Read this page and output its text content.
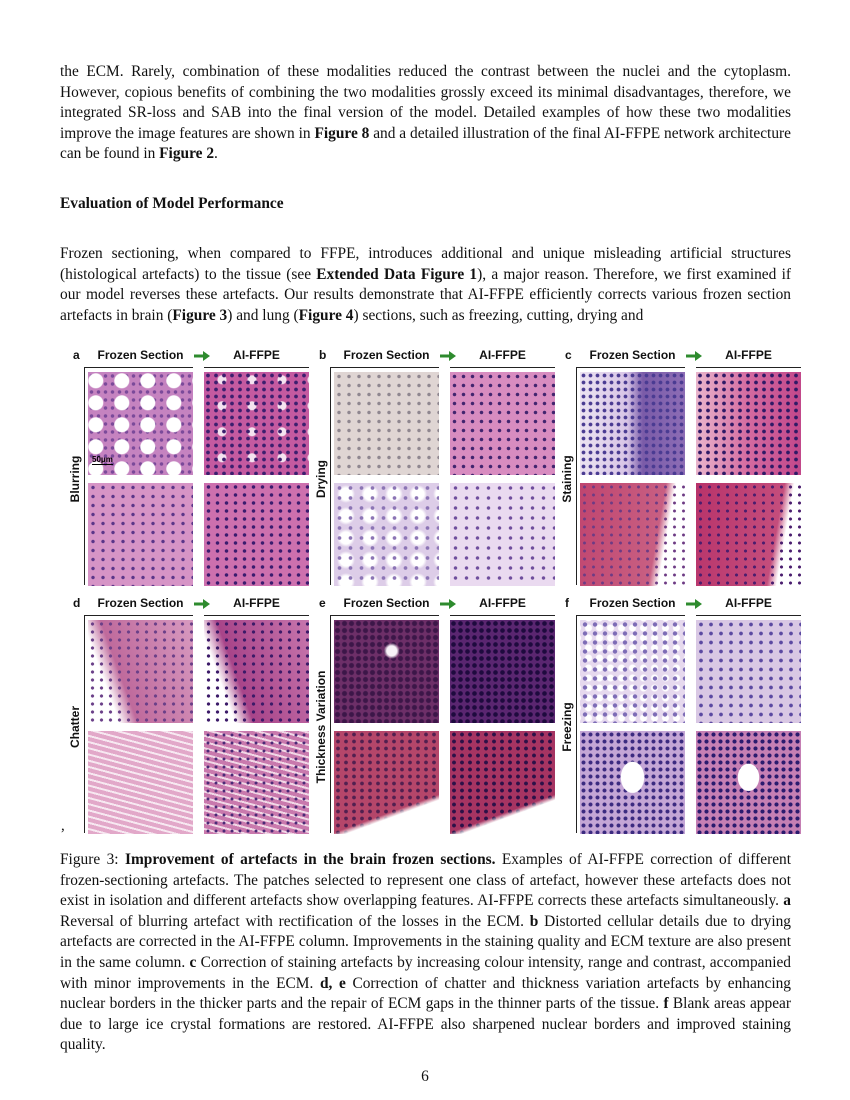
the ECM. Rarely, combination of these modalities reduced the contrast between the nuclei and the cytoplasm. However, copious benefits of combining the two modalities grossly exceed its minimal disadvantages, therefore, we integrated SR-loss and SAB into the final version of the model. Detailed examples of how these two modalities improve the image features are shown in Figure 8 and a detailed illustration of the final AI-FFPE network architecture can be found in Figure 2.

Evaluation of Model Performance

Frozen sectioning, when compared to FFPE, introduces additional and unique misleading artificial structures (histological artefacts) to the tissue (see Extended Data Figure 1), a major reason. Therefore, we first examined if our model reverses these artefacts. Our results demonstrate that AI-FFPE efficiently corrects various frozen section artefacts in brain (Figure 3) and lung (Figure 4) sections, such as freezing, cutting, drying and

a	Frozen Section	AI-FFPE
Blurring 50μm
b	Frozen Section	AI-FFPE
Drying
c	Frozen Section	AI-FFPE
Staining
d	Frozen Section	AI-FFPE
Chatter
e	Frozen Section	AI-FFPE
Thickness Variation
f	Frozen Section	AI-FFPE
Freezing
,

Figure 3: Improvement of artefacts in the brain frozen sections. Examples of AI-FFPE correction of different frozen-sectioning artefacts. The patches selected to represent one class of artefact, however these artefacts does not exist in isolation and different artefacts show overlapping features. AI-FFPE corrects these artefacts simultaneously. a Reversal of blurring artefact with rectification of the losses in the ECM. b Distorted cellular details due to drying artefacts are corrected in the AI-FFPE column. Improvements in the staining quality and ECM texture are also present in the same column. c Correction of staining artefacts by increasing colour intensity, range and contrast, accompanied with minor improvements in the ECM. d, e Correction of chatter and thickness variation artefacts by enhancing nuclear borders in the thicker parts and the repair of ECM gaps in the thinner parts of the tissue. f Blank areas appear due to large ice crystal formations are restored. AI-FFPE also sharpened nuclear borders and improved staining quality.

6
